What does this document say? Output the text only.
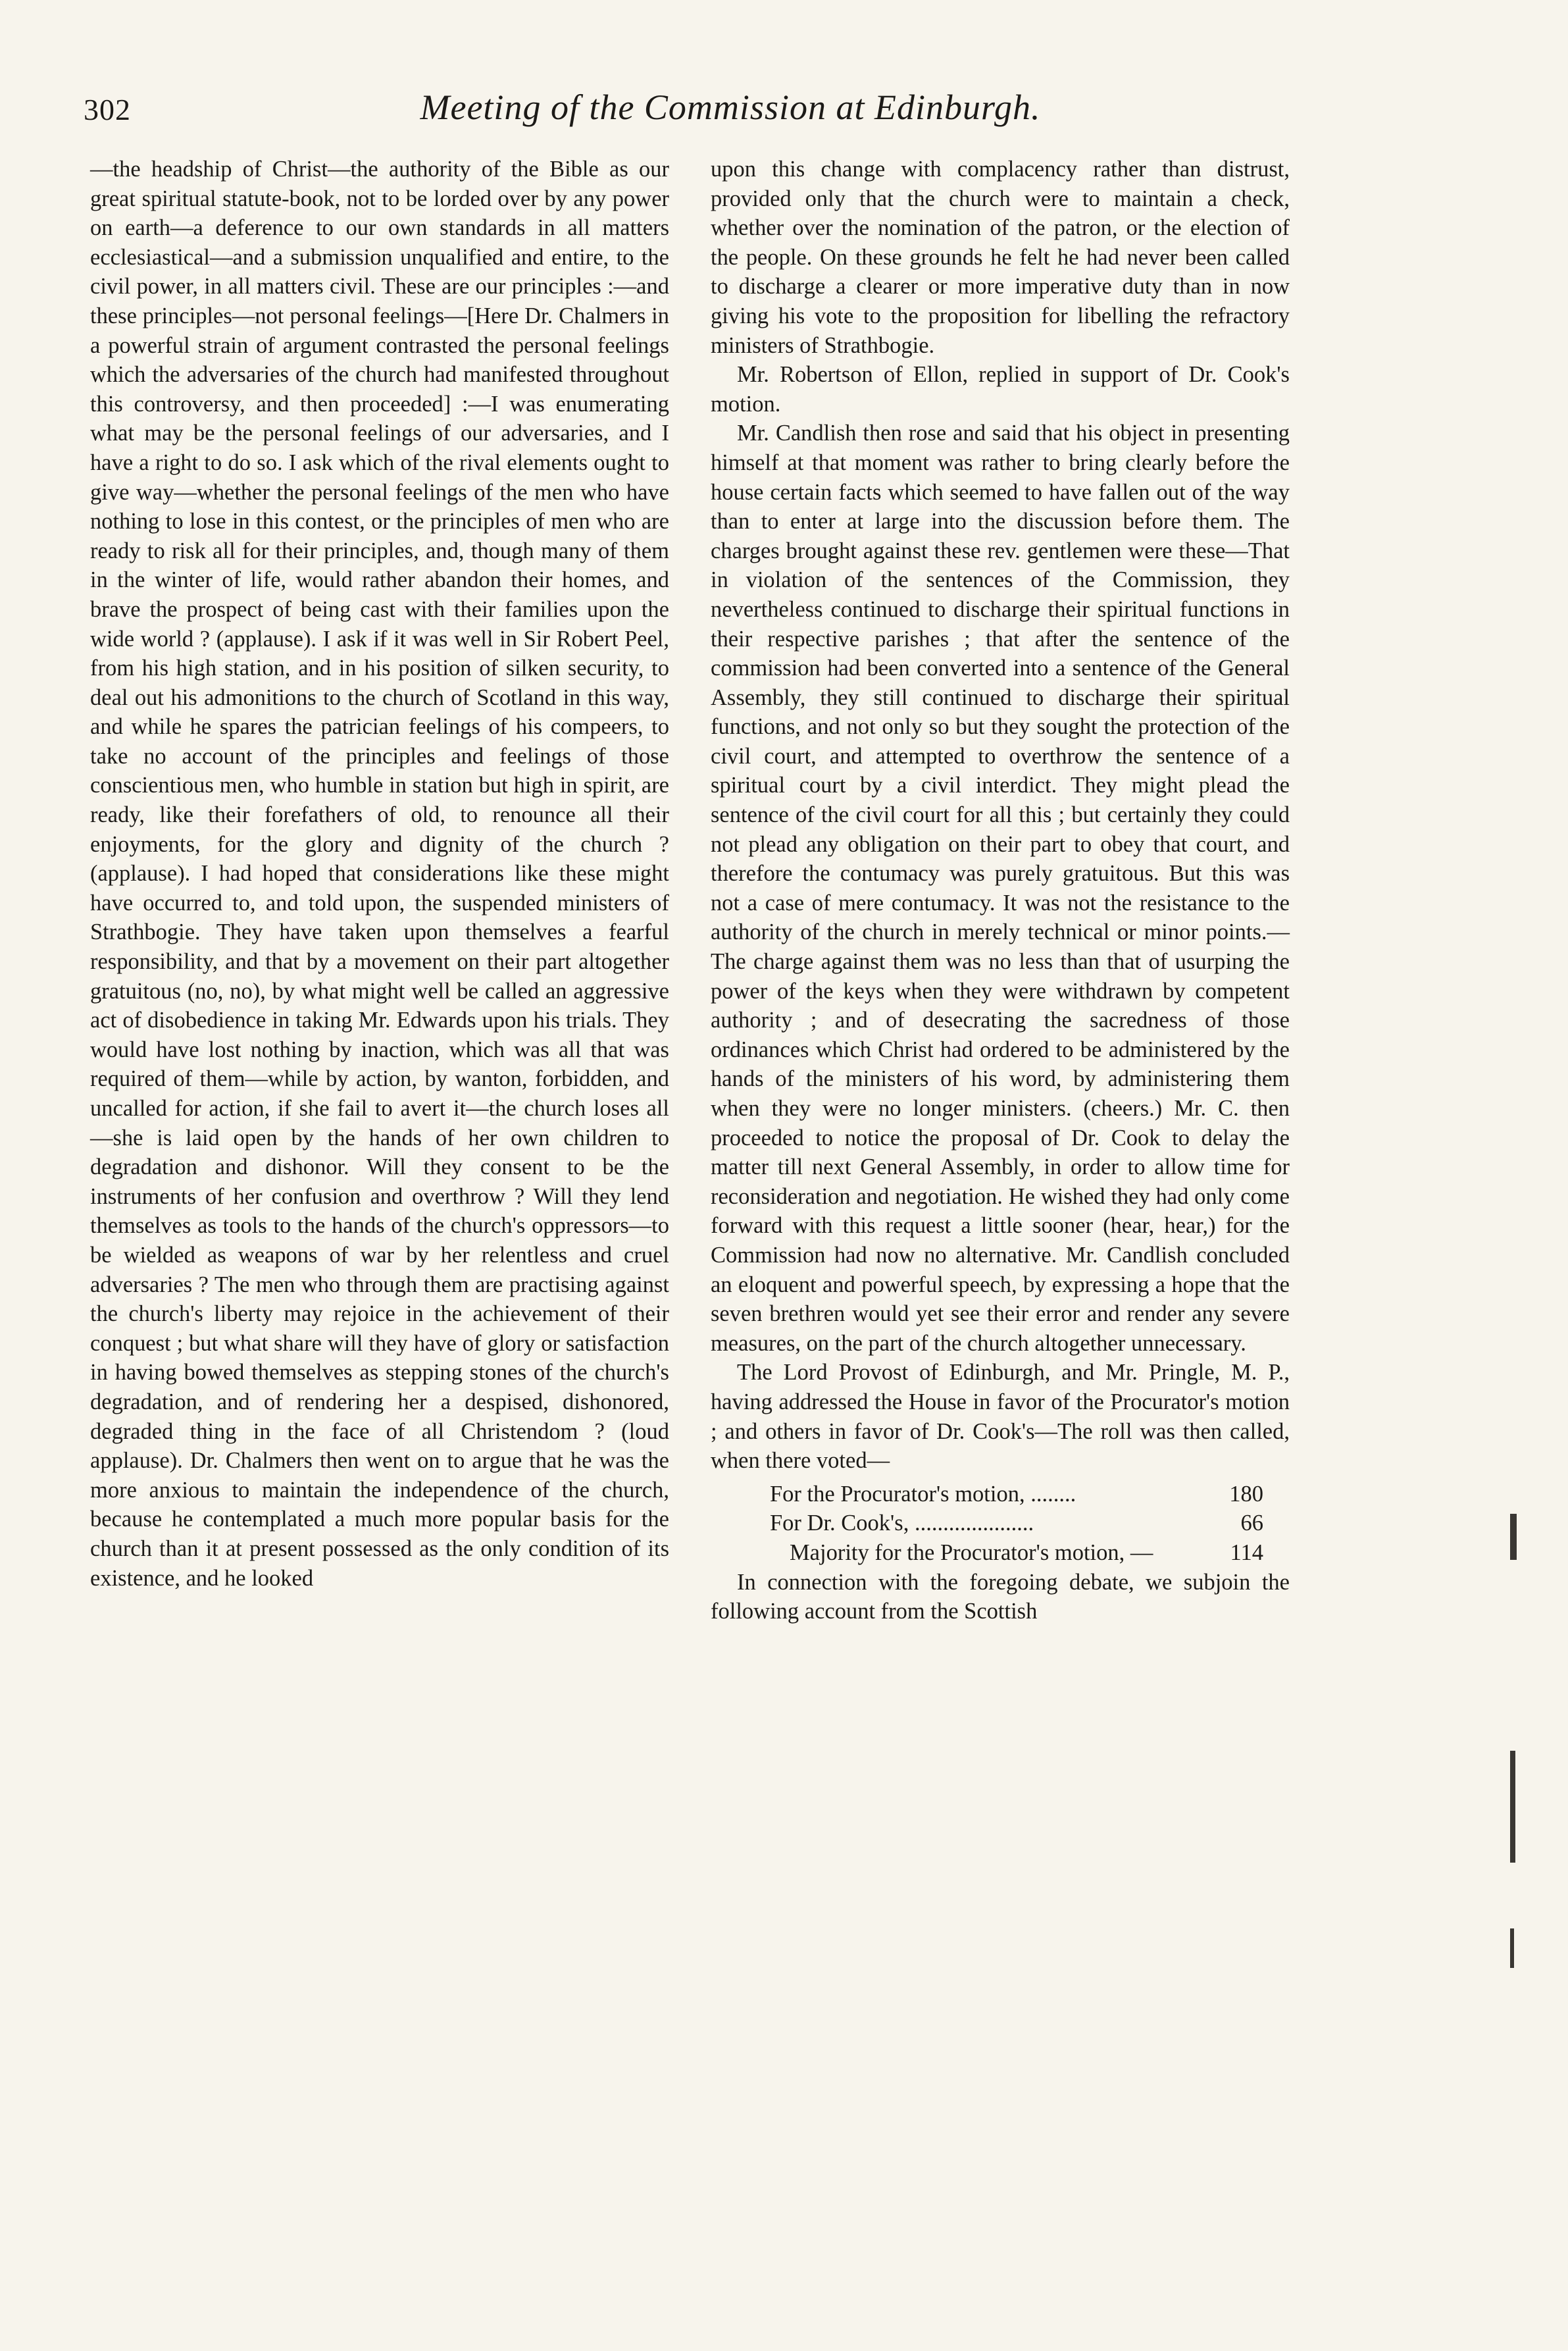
302	Meeting of the Commission at Edinburgh.

—the headship of Christ—the authority of the Bible as our great spiritual statute-book, not to be lorded over by any power on earth—a deference to our own standards in all matters ecclesiastical—and a submission unqualified and entire, to the civil power, in all matters civil. These are our principles :—and these principles—not personal feelings—[Here Dr. Chalmers in a powerful strain of argument contrasted the personal feelings which the adversaries of the church had manifested throughout this controversy, and then proceeded] :—I was enumerating what may be the personal feelings of our adversaries, and I have a right to do so. I ask which of the rival elements ought to give way—whether the personal feelings of the men who have nothing to lose in this contest, or the principles of men who are ready to risk all for their principles, and, though many of them in the winter of life, would rather abandon their homes, and brave the prospect of being cast with their families upon the wide world ? (applause). I ask if it was well in Sir Robert Peel, from his high station, and in his position of silken security, to deal out his admonitions to the church of Scotland in this way, and while he spares the patrician feelings of his compeers, to take no account of the principles and feelings of those conscientious men, who humble in station but high in spirit, are ready, like their forefathers of old, to renounce all their enjoyments, for the glory and dignity of the church ? (applause). I had hoped that considerations like these might have occurred to, and told upon, the suspended ministers of Strathbogie. They have taken upon themselves a fearful responsibility, and that by a movement on their part altogether gratuitous (no, no), by what might well be called an aggressive act of disobedience in taking Mr. Edwards upon his trials. They would have lost nothing by inaction, which was all that was required of them—while by action, by wanton, forbidden, and uncalled for action, if she fail to avert it—the church loses all—she is laid open by the hands of her own children to degradation and dishonor. Will they consent to be the instruments of her confusion and overthrow ? Will they lend themselves as tools to the hands of the church's oppressors—to be wielded as weapons of war by her relentless and cruel adversaries ? The men who through them are practising against the church's liberty may rejoice in the achievement of their conquest ; but what share will they have of glory or satisfaction in having bowed themselves as stepping stones of the church's degradation, and of rendering her a despised, dishonored, degraded thing in the face of all Christendom ? (loud applause). Dr. Chalmers then went on to argue that he was the more anxious to maintain the independence of the church, because he contemplated a much more popular basis for the church than it at present possessed as the only condition of its existence, and he looked

upon this change with complacency rather than distrust, provided only that the church were to maintain a check, whether over the nomination of the patron, or the election of the people. On these grounds he felt he had never been called to discharge a clearer or more imperative duty than in now giving his vote to the proposition for libelling the refractory ministers of Strathbogie.

Mr. Robertson of Ellon, replied in support of Dr. Cook's motion.

Mr. Candlish then rose and said that his object in presenting himself at that moment was rather to bring clearly before the house certain facts which seemed to have fallen out of the way than to enter at large into the discussion before them. The charges brought against these rev. gentlemen were these—That in violation of the sentences of the Commission, they nevertheless continued to discharge their spiritual functions in their respective parishes ; that after the sentence of the commission had been converted into a sentence of the General Assembly, they still continued to discharge their spiritual functions, and not only so but they sought the protection of the civil court, and attempted to overthrow the sentence of a spiritual court by a civil interdict. They might plead the sentence of the civil court for all this ; but certainly they could not plead any obligation on their part to obey that court, and therefore the contumacy was purely gratuitous. But this was not a case of mere contumacy. It was not the resistance to the authority of the church in merely technical or minor points.—The charge against them was no less than that of usurping the power of the keys when they were withdrawn by competent authority ; and of desecrating the sacredness of those ordinances which Christ had ordered to be administered by the hands of the ministers of his word, by administering them when they were no longer ministers. (cheers.) Mr. C. then proceeded to notice the proposal of Dr. Cook to delay the matter till next General Assembly, in order to allow time for reconsideration and negotiation. He wished they had only come forward with this request a little sooner (hear, hear,) for the Commission had now no alternative. Mr. Candlish concluded an eloquent and powerful speech, by expressing a hope that the seven brethren would yet see their error and render any severe measures, on the part of the church altogether unnecessary.

The Lord Provost of Edinburgh, and Mr. Pringle, M. P., having addressed the House in favor of the Procurator's motion ; and others in favor of Dr. Cook's—The roll was then called, when there voted—

For the Procurator's motion, ........	180
For Dr. Cook's, .....................	66
Majority for the Procurator's motion, —	114

In connection with the foregoing debate, we subjoin the following account from the Scottish
